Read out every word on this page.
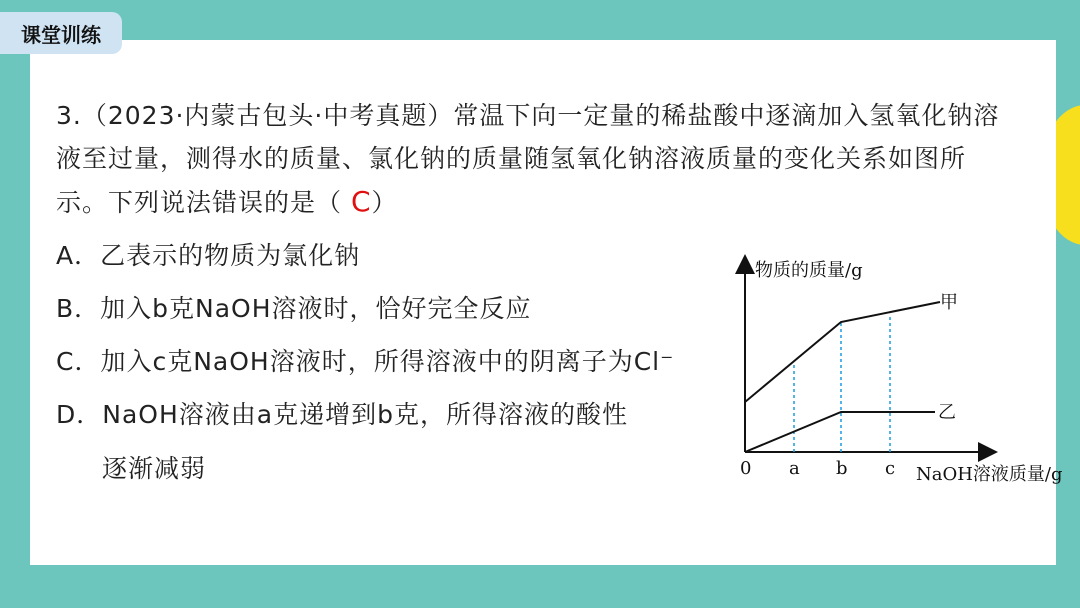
课堂训练
3.（2023·内蒙古包头·中考真题）常温下向一定量的稀盐酸中逐滴加入氢氧化钠溶液至过量，测得水的质量、氯化钠的质量随氢氧化钠溶液质量的变化关系如图所示。下列说法错误的是（ C）
A．乙表示的物质为氯化钠
B．加入b克NaOH溶液时，恰好完全反应
C．加入c克NaOH溶液时，所得溶液中的阴离子为Cl⁻
D．NaOH溶液由a克递增到b克，所得溶液的酸性
逐渐减弱
物质的质量/g
甲
乙
0 a b c NaOH溶液质量/g
